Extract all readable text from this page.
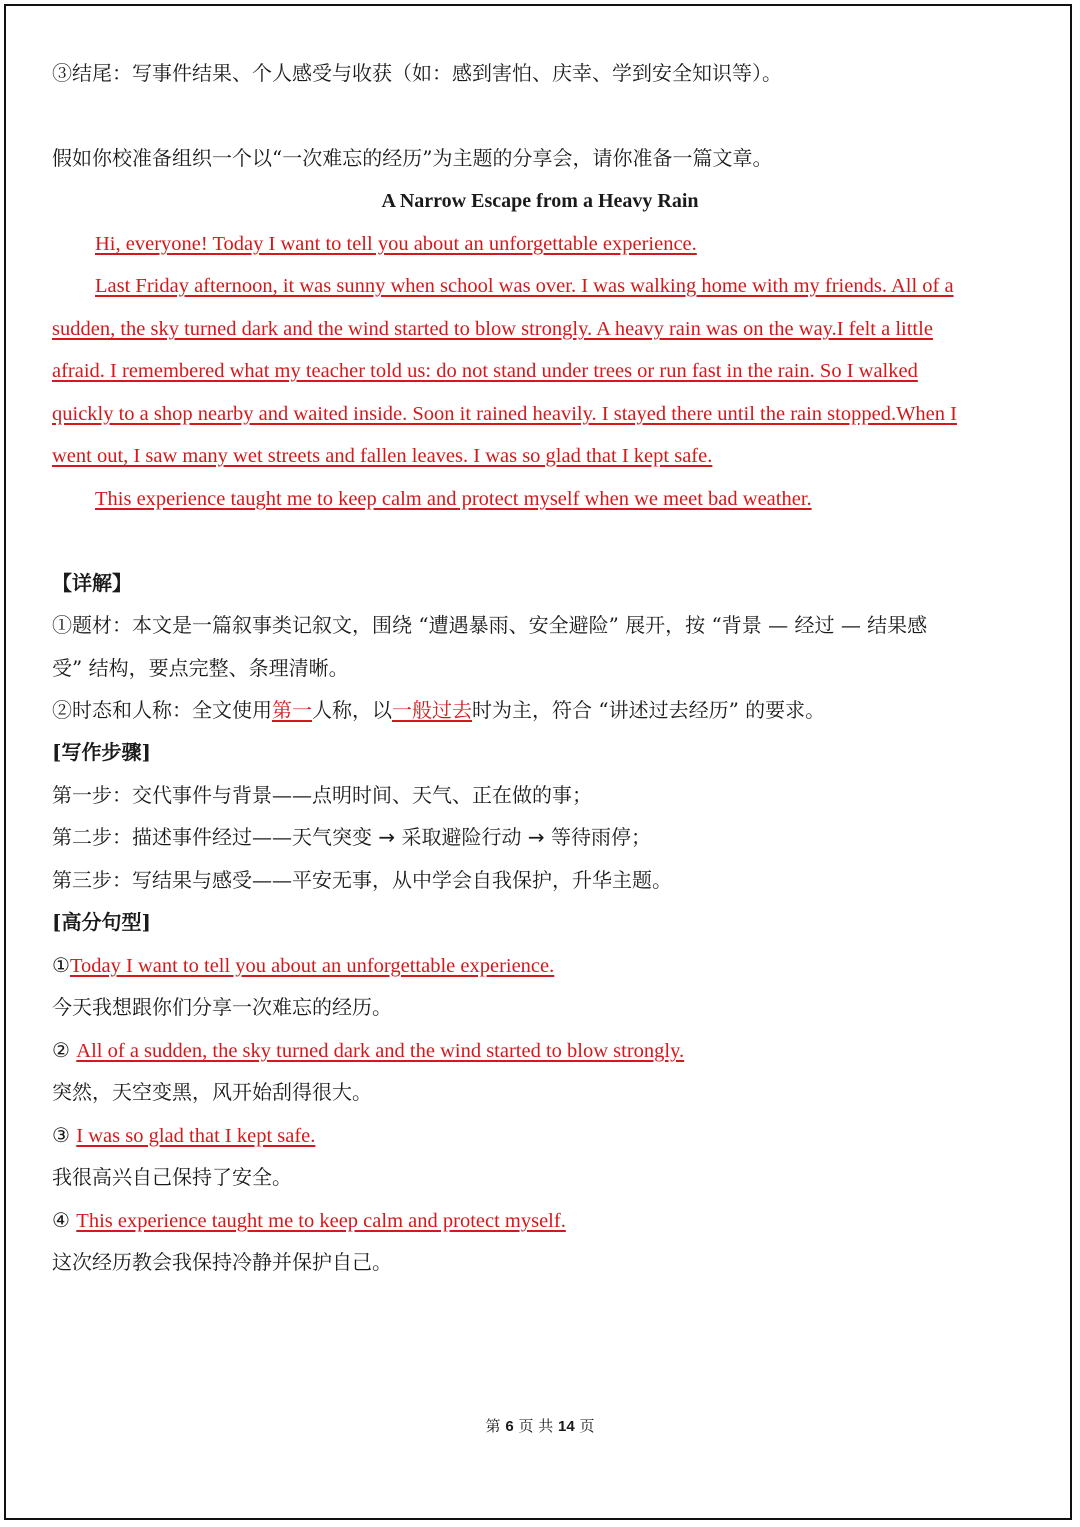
③结尾：写事件结果、个人感受与收获（如：感到害怕、庆幸、学到安全知识等）。
假如你校准备组织一个以“一次难忘的经历”为主题的分享会，请你准备一篇文章。
A Narrow Escape from a Heavy Rain
Hi, everyone! Today I want to tell you about an unforgettable experience.
Last Friday afternoon, it was sunny when school was over. I was walking home with my friends. All of a
sudden, the sky turned dark and the wind started to blow strongly. A heavy rain was on the way.I felt a little
afraid. I remembered what my teacher told us: do not stand under trees or run fast in the rain. So I walked
quickly to a shop nearby and waited inside. Soon it rained heavily. I stayed there until the rain stopped.When I
went out, I saw many wet streets and fallen leaves. I was so glad that I kept safe.
This experience taught me to keep calm and protect myself when we meet bad weather.
【详解】
①题材：本文是一篇叙事类记叙文，围绕 “遭遇暴雨、安全避险” 展开，按 “背景 — 经过 — 结果感
受” 结构，要点完整、条理清晰。
②时态和人称：全文使用第一人称，以一般过去时为主，符合 “讲述过去经历” 的要求。
[写作步骤]
第一步：交代事件与背景——点明时间、天气、正在做的事；
第二步：描述事件经过——天气突变 → 采取避险行动 → 等待雨停；
第三步：写结果与感受——平安无事，从中学会自我保护，升华主题。
[高分句型]
①Today I want to tell you about an unforgettable experience.
今天我想跟你们分享一次难忘的经历。
② All of a sudden, the sky turned dark and the wind started to blow strongly.
突然，天空变黑，风开始刮得很大。
③ I was so glad that I kept safe.
我很高兴自己保持了安全。
④ This experience taught me to keep calm and protect myself.
这次经历教会我保持冷静并保护自己。
第 6 页 共 14 页
